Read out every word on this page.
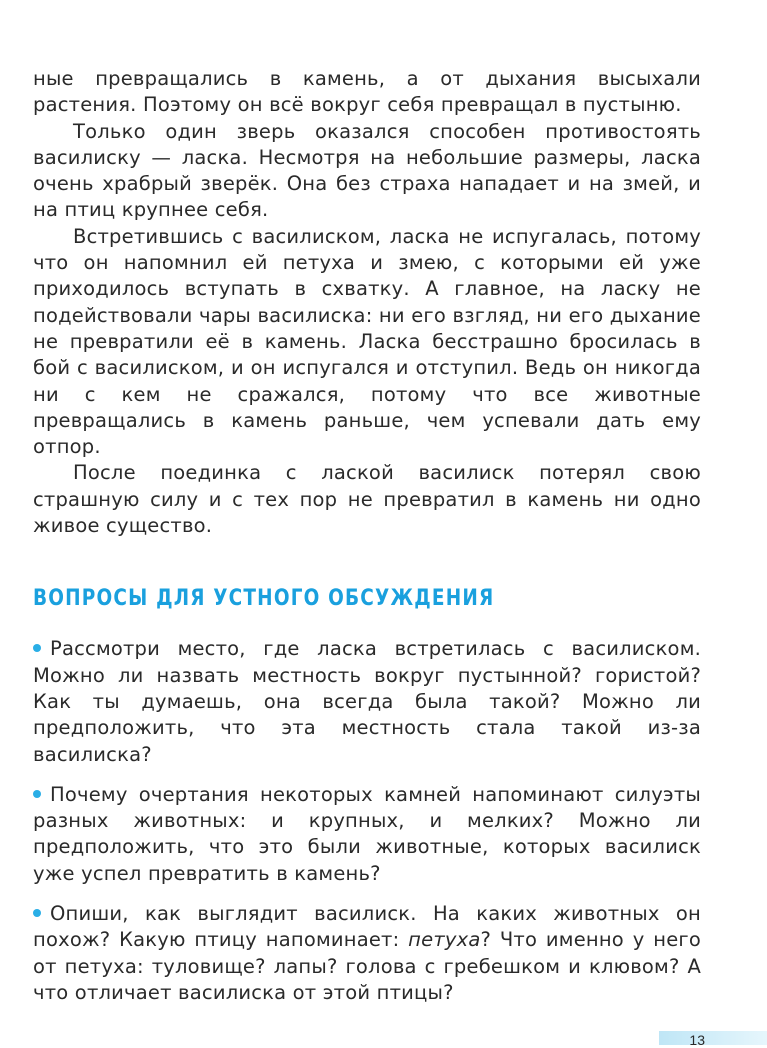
ные превращались в камень, а от дыхания высыхали растения. Поэтому он всё вокруг себя превращал в пустыню.

Только один зверь оказался способен противостоять василиску — ласка. Несмотря на небольшие размеры, ласка очень храбрый зверёк. Она без страха нападает и на змей, и на птиц крупнее себя.

Встретившись с василиском, ласка не испугалась, потому что он напомнил ей петуха и змею, с которыми ей уже приходилось вступать в схватку. А главное, на ласку не подействовали чары василиска: ни его взгляд, ни его дыхание не превратили её в камень. Ласка бесстрашно бросилась в бой с василиском, и он испугался и отступил. Ведь он никогда ни с кем не сражался, потому что все животные превращались в камень раньше, чем успевали дать ему отпор.

После поединка с лаской василиск потерял свою страшную силу и с тех пор не превратил в камень ни одно живое существо.

ВОПРОСЫ ДЛЯ УСТНОГО ОБСУЖДЕНИЯ

Рассмотри место, где ласка встретилась с василиском. Можно ли назвать местность вокруг пустынной? гористой? Как ты думаешь, она всегда была такой? Можно ли предположить, что эта местность стала такой из-за василиска?

Почему очертания некоторых камней напоминают силуэты разных животных: и крупных, и мелких? Можно ли предположить, что это были животные, которых василиск уже успел превратить в камень?

Опиши, как выглядит василиск. На каких животных он похож? Какую птицу напоминает: петуха? Что именно у него от петуха: туловище? лапы? голова с гребешком и клювом? А что отличает василиска от этой птицы?

13
